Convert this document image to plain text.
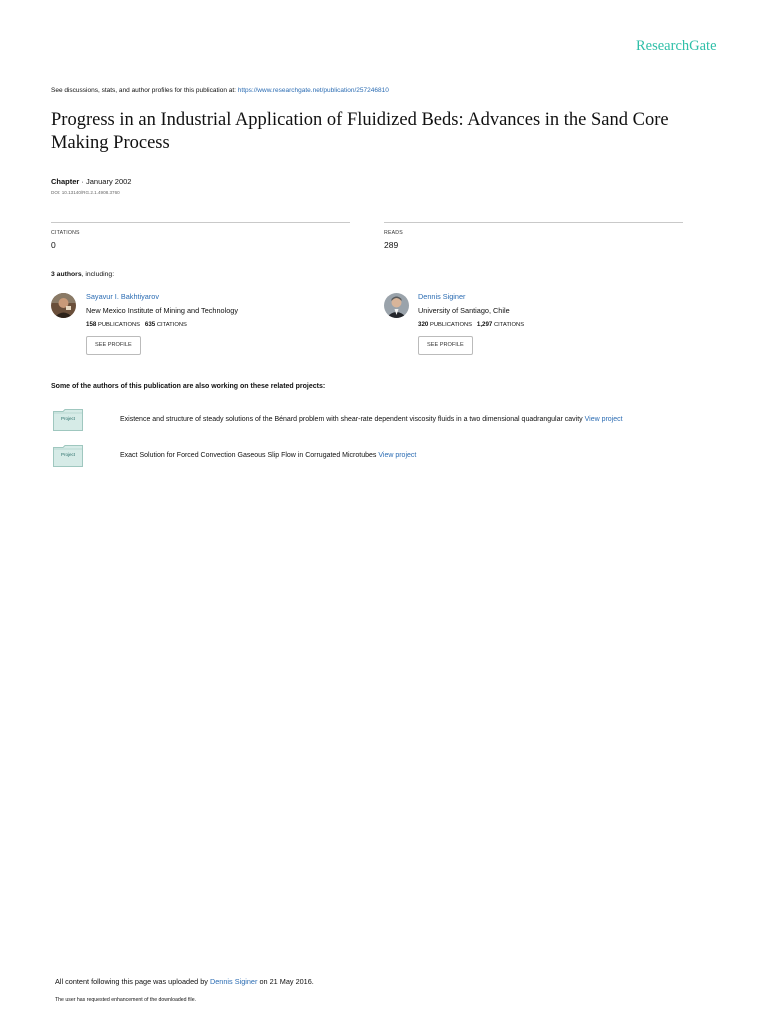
ResearchGate
See discussions, stats, and author profiles for this publication at: https://www.researchgate.net/publication/257246810
Progress in an Industrial Application of Fluidized Beds: Advances in the Sand Core Making Process
Chapter · January 2002
DOI: 10.13140/RG.2.1.4908.3760
CITATIONS
0
READS
289
3 authors, including:
Sayavur I. Bakhtiyarov
New Mexico Institute of Mining and Technology
158 PUBLICATIONS 635 CITATIONS
SEE PROFILE
Dennis Siginer
University of Santiago, Chile
320 PUBLICATIONS 1,297 CITATIONS
SEE PROFILE
Some of the authors of this publication are also working on these related projects:
Project	Existence and structure of steady solutions of the Bénard problem with shear-rate dependent viscosity fluids in a two dimensional quadrangular cavity View project
Project	Exact Solution for Forced Convection Gaseous Slip Flow in Corrugated Microtubes View project
All content following this page was uploaded by Dennis Siginer on 21 May 2016.
The user has requested enhancement of the downloaded file.
